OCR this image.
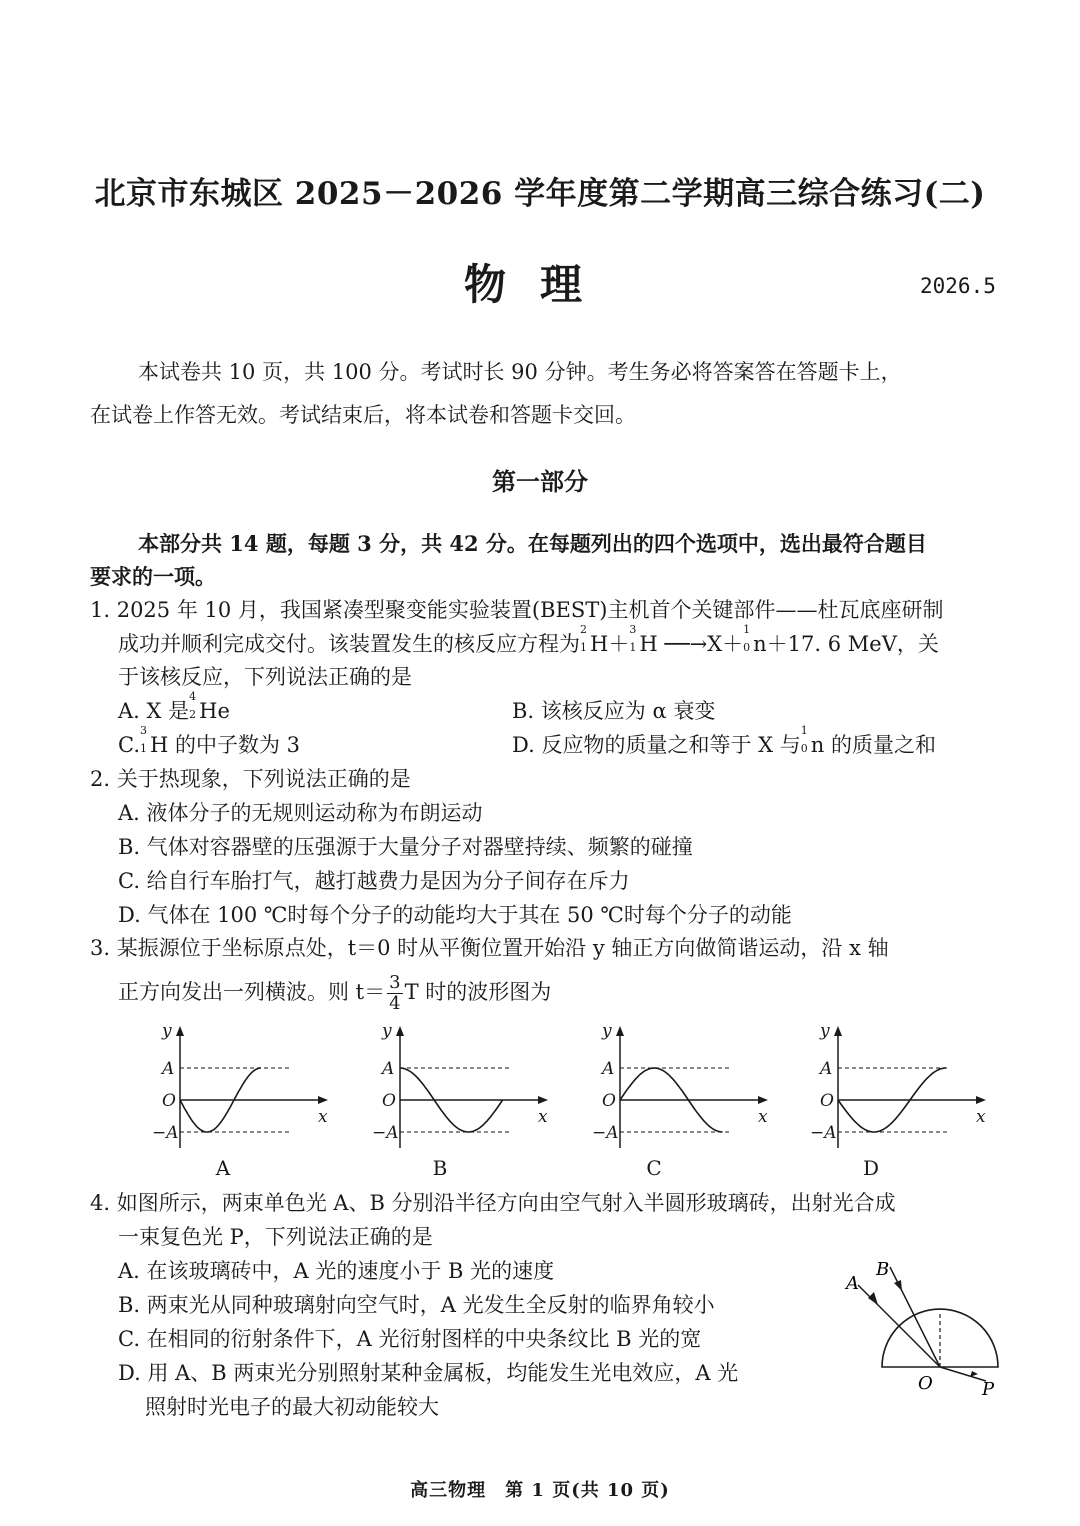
北京市东城区 2025－2026 学年度第二学期高三综合练习(二)
物理	2026.5
本试卷共 10 页，共 100 分。考试时长 90 分钟。考生务必将答案答在答题卡上，
在试卷上作答无效。考试结束后，将本试卷和答题卡交回。
第一部分
本部分共 14 题，每题 3 分，共 42 分。在每题列出的四个选项中，选出最符合题目
要求的一项。
1. 2025 年 10 月，我国紧凑型聚变能实验装置(BEST)主机首个关键部件——杜瓦底座研制
成功并顺利完成交付。该装置发生的核反应方程为
2
1 H＋
3
1 H ──→X＋
1
0 n＋17. 6 MeV，关
于该核反应，下列说法正确的是
A. X 是
4
2 He	B. 该核反应为 α 衰变
C.
3
1 H 的中子数为 3	D. 反应物的质量之和等于 X 与
1
0 n 的质量之和
2. 关于热现象，下列说法正确的是
A. 液体分子的无规则运动称为布朗运动
B. 气体对容器壁的压强源于大量分子对器壁持续、频繁的碰撞
C. 给自行车胎打气，越打越费力是因为分子间存在斥力
D. 气体在 100 ℃时每个分子的动能均大于其在 50 ℃时每个分子的动能
3. 某振源位于坐标原点处，t＝0 时从平衡位置开始沿 y 轴正方向做简谐运动，沿 x 轴
正方向发出一列横波。则 $t= \frac{3}{4}$ T 时的波形图为
y
A
O
−A
x
y
A
O
−A
x
y
A
O
−A
x
y
A
O
−A
x
A	B	C	D
4. 如图所示，两束单色光 A、B 分别沿半径方向由空气射入半圆形玻璃砖，出射光合成
一束复色光 P，下列说法正确的是
A. 在该玻璃砖中，A 光的速度小于 B 光的速度
B. 两束光从同种玻璃射向空气时，A 光发生全反射的临界角较小
C. 在相同的衍射条件下，A 光衍射图样的中央条纹比 B 光的宽
D. 用 A、B 两束光分别照射某种金属板，均能发生光电效应，A 光
照射时光电子的最大初动能较大
A
B
O	P
高三物理　第 1 页(共 10 页)
